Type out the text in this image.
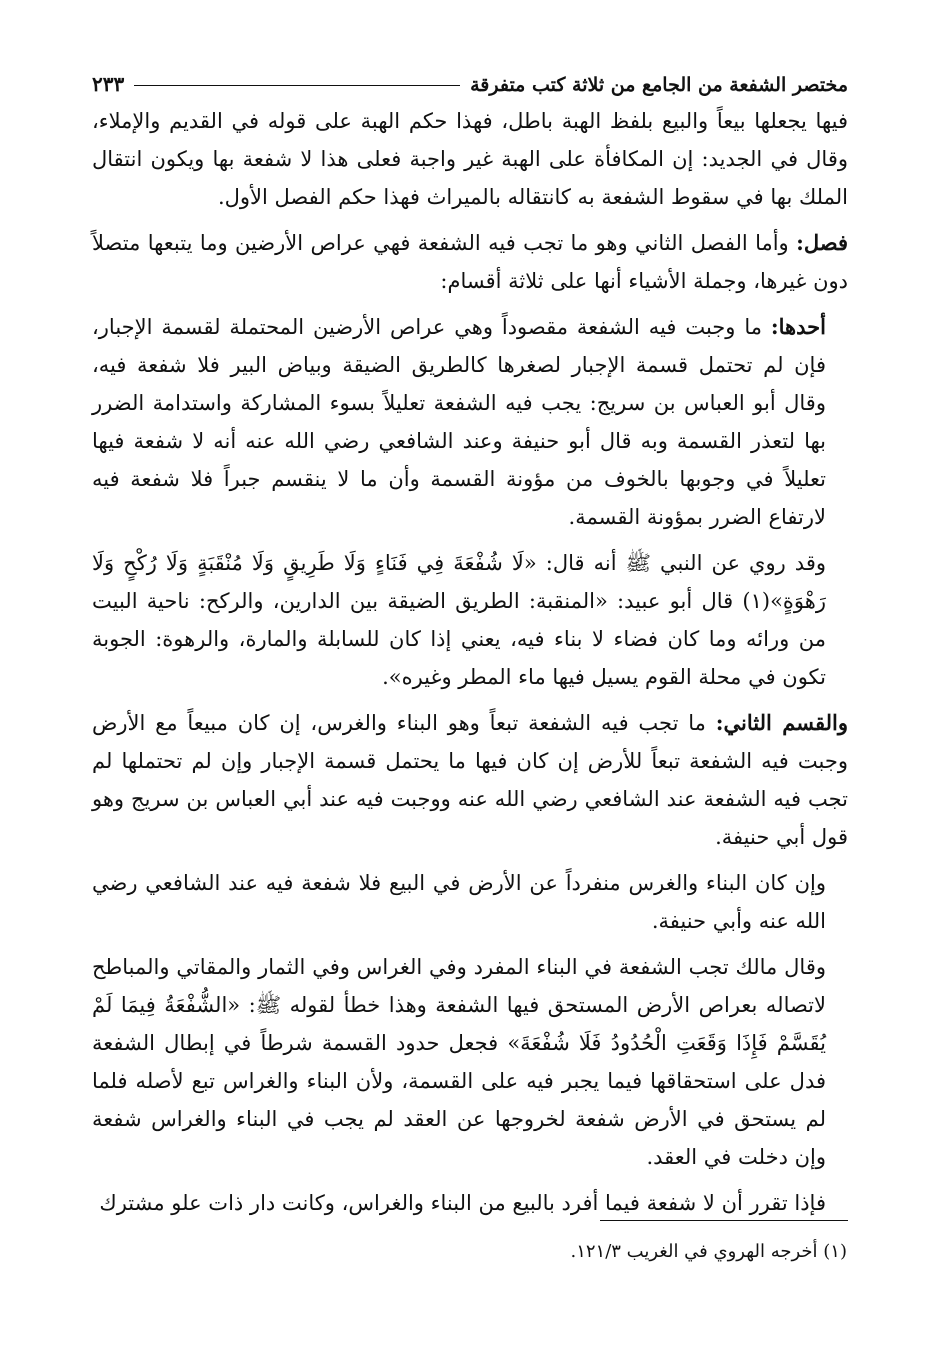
مختصر الشفعة من الجامع من ثلاثة كتب متفرقة
٢٣٣

فيها يجعلها بيعاً والبيع بلفظ الهبة باطل، فهذا حكم الهبة على قوله في القديم والإملاء، وقال في الجديد: إن المكافأة على الهبة غير واجبة فعلى هذا لا شفعة بها ويكون انتقال الملك بها في سقوط الشفعة به كانتقاله بالميراث فهذا حكم الفصل الأول.

فصل: وأما الفصل الثاني وهو ما تجب فيه الشفعة فهي عراص الأرضين وما يتبعها متصلاً دون غيرها، وجملة الأشياء أنها على ثلاثة أقسام:

أحدها: ما وجبت فيه الشفعة مقصوداً وهي عراص الأرضين المحتملة لقسمة الإجبار، فإن لم تحتمل قسمة الإجبار لصغرها كالطريق الضيقة وبياض البير فلا شفعة فيه، وقال أبو العباس بن سريج: يجب فيه الشفعة تعليلاً بسوء المشاركة واستدامة الضرر بها لتعذر القسمة وبه قال أبو حنيفة وعند الشافعي رضي الله عنه أنه لا شفعة فيها تعليلاً في وجوبها بالخوف من مؤونة القسمة وأن ما لا ينقسم جبراً فلا شفعة فيه لارتفاع الضرر بمؤونة القسمة.

وقد روي عن النبي ﷺ أنه قال: «لَا شُفْعَةَ فِي فَنَاءٍ وَلَا طَرِيقٍ وَلَا مُنْقَبَةٍ وَلَا رُكْحٍ وَلَا رَهْوَةٍ»(١) قال أبو عبيد: «المنقبة: الطريق الضيقة بين الدارين، والركح: ناحية البيت من ورائه وما كان فضاء لا بناء فيه، يعني إذا كان للسابلة والمارة، والرهوة: الجوبة تكون في محلة القوم يسيل فيها ماء المطر وغيره».

والقسم الثاني: ما تجب فيه الشفعة تبعاً وهو البناء والغرس، إن كان مبيعاً مع الأرض وجبت فيه الشفعة تبعاً للأرض إن كان فيها ما يحتمل قسمة الإجبار وإن لم تحتملها لم تجب فيه الشفعة عند الشافعي رضي الله عنه ووجبت فيه عند أبي العباس بن سريج وهو قول أبي حنيفة.

وإن كان البناء والغرس منفرداً عن الأرض في البيع فلا شفعة فيه عند الشافعي رضي الله عنه وأبي حنيفة.

وقال مالك تجب الشفعة في البناء المفرد وفي الغراس وفي الثمار والمقاتي والمباطح لاتصاله بعراص الأرض المستحق فيها الشفعة وهذا خطأ لقوله ﷺ: «الشُّفْعَةُ فِيمَا لَمْ يُقَسَّمْ فَإِذَا وَقَعَتِ الْحُدُودُ فَلَا شُفْعَةَ» فجعل حدود القسمة شرطاً في إبطال الشفعة فدل على استحقاقها فيما يجبر فيه على القسمة، ولأن البناء والغراس تبع لأصله فلما لم يستحق في الأرض شفعة لخروجها عن العقد لم يجب في البناء والغراس شفعة وإن دخلت في العقد.

فإذا تقرر أن لا شفعة فيما أفرد بالبيع من البناء والغراس، وكانت دار ذات علو مشترك

(١) أخرجه الهروي في الغريب ١٢١/٣.
